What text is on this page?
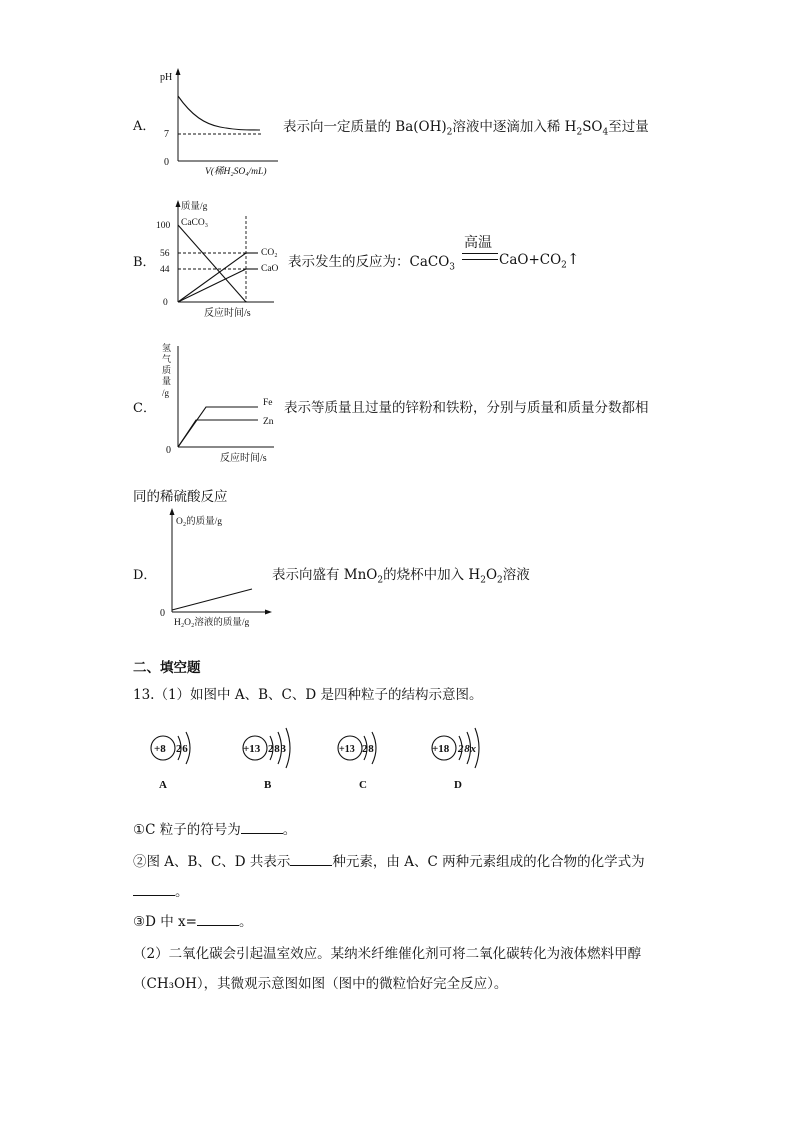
A．
pH
7
0
V(稀H₂SO₄/mL)
表示向一定质量的 $Ba(OH)_2$溶液中逐滴加入稀 $H_2SO_4$至过量
B．
质量/g
100
56
44
0
CaCO₃
CO₂
CaO
反应时间/s
表示发生的反应为：CaCO$_3$
高温
$CaO+CO_2↑$
C．
氢
气
质
量
/g
0
Fe
Zn
反应时间/s
表示等质量且过量的锌粉和铁粉，分别与质量和质量分数都相
同的稀硫酸反应
D．
O₂的质量/g
0
H₂O₂溶液的质量/g
表示向盛有 MnO$_2$的烧杯中加入 $H_2O_2$溶液
二、填空题
13.（1）如图中 A、B、C、D 是四种粒子的结构示意图。
+8 2 6
A
+13 2 8 3
B
+13 2 8
C
+18 2 8 x
D
①C 粒子的符号为	。
②图 A、B、C、D 共表示	种元素，由 A、C 两种元素组成的化合物的化学式为
。
③D 中 x=	。
（2）二氧化碳会引起温室效应。某纳米纤维催化剂可将二氧化碳转化为液体燃料甲醇
（CH₃OH），其微观示意图如图（图中的微粒恰好完全反应）。
